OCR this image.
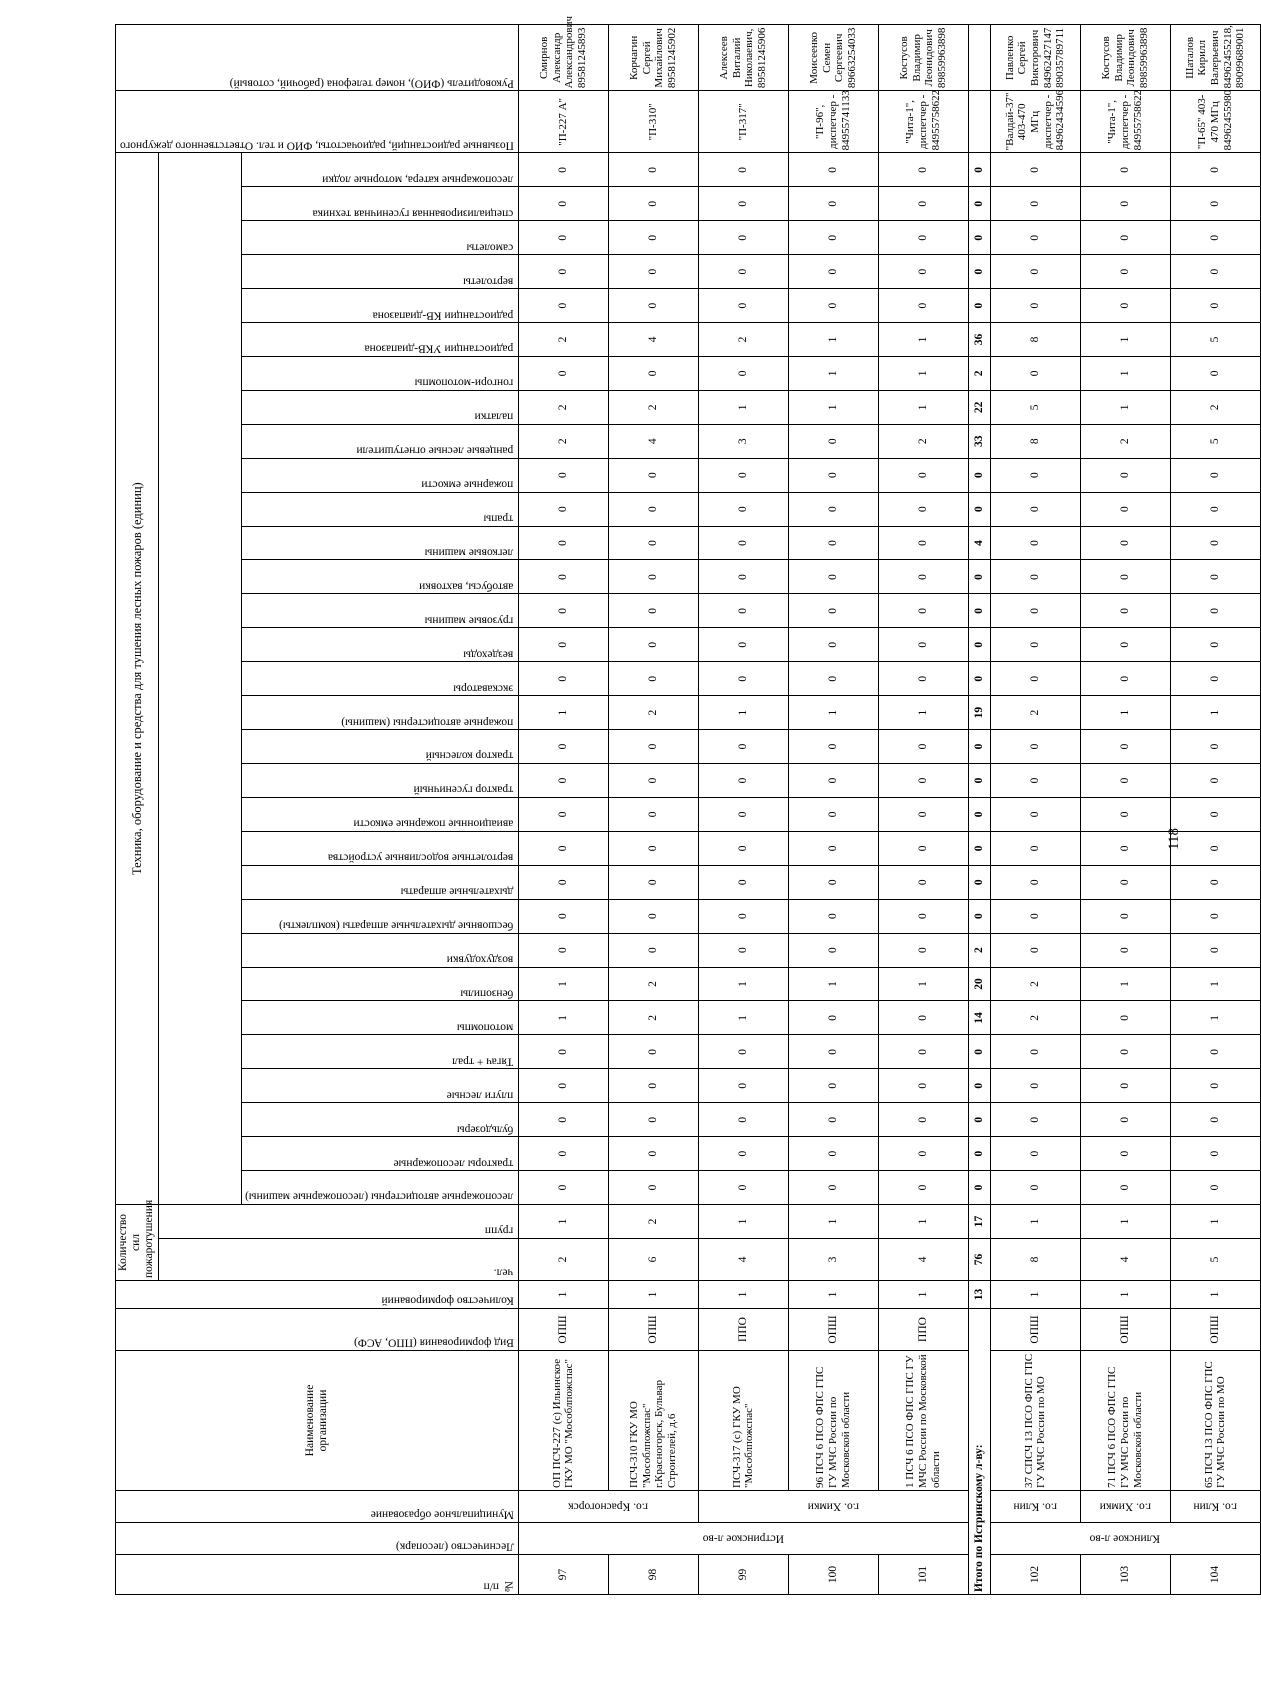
№ п/п	Лесничество (лесопарк)	Муниципальное образование	Наименование организации	Вид формирования (ППО, АСФ)	Количество формирований	Количество сил пожаротушения		Техника, оборудование и средства для тушения лесных пожаров (единиц)																															Позывные радиостанций, радиочастоты, ФИО и тел. Ответственного дежурного	Руководитель (ФИО), номер телефона (рабочий, сотовый)
						чел.	групп																																	
								лесопожарные автоцистерны (лесопожарные машины)	тракторы лесопожарные	бульдозеры	плуги лесные	Тягач + трал	мотопомпы	бензопилы	воздуходувки	бесшовные дыхательные аппараты (комплекты)	дыхательные аппараты	вертолетные водосливные устройства	авиационные пожарные емкости	трактор гусеничный	трактор колесный	пожарные автоцистерны (машины)	экскаваторы	вездеходы	грузовые машины	автобусы, вахтовки	легковые машины	трапы	пожарные емкости	ранцевые лесные огнетушители	палатки	гонгори-мотопомпы	радиостанции УКВ-диапазона	радиостанции КВ-диапазона	вертолеты	самолеты	специализированная гусеничная техника	лесопожарные катера, моторные лодки		
97	Истринское л-во	г.о. Красногорск	ОП ПСЧ-227 (с) Ильинское ГКУ МО "Мособлпожспас"	ОПШ	1	2	1	0	0	0	0	0	1	1	0	0	0	0	0	0	0	1	0	0	0	0	0	0	0	2	2	0	2	0	0	0	0	0	"П-227 А"	Смирнов Александр Александрович 89581245893
98			ПСЧ-310 ГКУ МО "Мособлпожспас" г.Красногорск, Бульвар Строителей, д.6	ОПШ	1	6	2	0	0	0	0	0	2	2	0	0	0	0	0	0	0	2	0	0	0	0	0	0	0	4	2	0	4	0	0	0	0	0	"П-310"	Корчагин Сергей Михайлович 89581245902
99		г.о. Химки	ПСЧ-317 (с) ГКУ МО "Мособлпожспас"	ППО	1	4	1	0	0	0	0	0	1	1	0	0	0	0	0	0	0	1	0	0	0	0	0	0	0	3	1	0	2	0	0	0	0	0	"П-317"	Алексеев Виталий Николаевич, 89581245906
100			96 ПСЧ 6 ПСО ФПС ГПС ГУ МЧС России по Московской области	ОПШ	1	3	1	0	0	0	0	0	0	1	0	0	0	0	0	0	0	1	0	0	0	0	0	0	0	0	1	1	1	0	0	0	0	0	"П-96", диспетчер - 84955741133	Моисеенко Семен Сергеевич 89663254033
101			1 ПСЧ 6 ПСО ФПС ГПС ГУ МЧС России по Московской области	ППО	1	4	1	0	0	0	0	0	0	1	0	0	0	0	0	0	0	1	0	0	0	0	0	0	0	2	1	1	1	0	0	0	0	0	"Чита-1", диспетчер - 84955758622	Костусов Владимир Леонидович 89859963898
Итого по Истринскому л-ву:					13	76	17	0	0	0	0	0	14	20	2	0	0	0	0	0	0	19	0	0	0	0	4	0	0	33	22	2	36	0	0	0	0	0		
102	Клинское л-во	г.о. Клин	37 СПСЧ 13 ПСО ФПС ГПС ГУ МЧС России по МО	ОПШ	1	8	1	0	0	0	0	0	2	2	0	0	0	0	0	0	0	2	0	0	0	0	0	0	0	8	5	0	8	0	0	0	0	0	"Валдай-37" 403-470 МГц диспетчер - 84962434596	Павленко Сергей Викторович 84962427147 89035789711
103		г.о. Химки	71 ПСЧ 6 ПСО ФПС ГПС ГУ МЧС России по Московской области	ОПШ	1	4	1	0	0	0	0	0	0	1	0	0	0	0	0	0	0	1	0	0	0	0	0	0	0	2	1	1	1	0	0	0	0	0	"Чита-1", диспетчер - 84955758622	Костусов Владимир Леонидович 89859963898
104		г.о. Клин	65 ПСЧ 13 ПСО ФПС ГПС ГУ МЧС России по МО	ОПШ	1	5	1	0	0	0	0	0	1	1	0	0	0	0	0	0	0	1	0	0	0	0	0	0	0	5	2	0	5	0	0	0	0	0	"П-65" 403-470 МГц 84962455980	Шаталов Кирилл Валерьевич 84962455218, 89099689001
118
